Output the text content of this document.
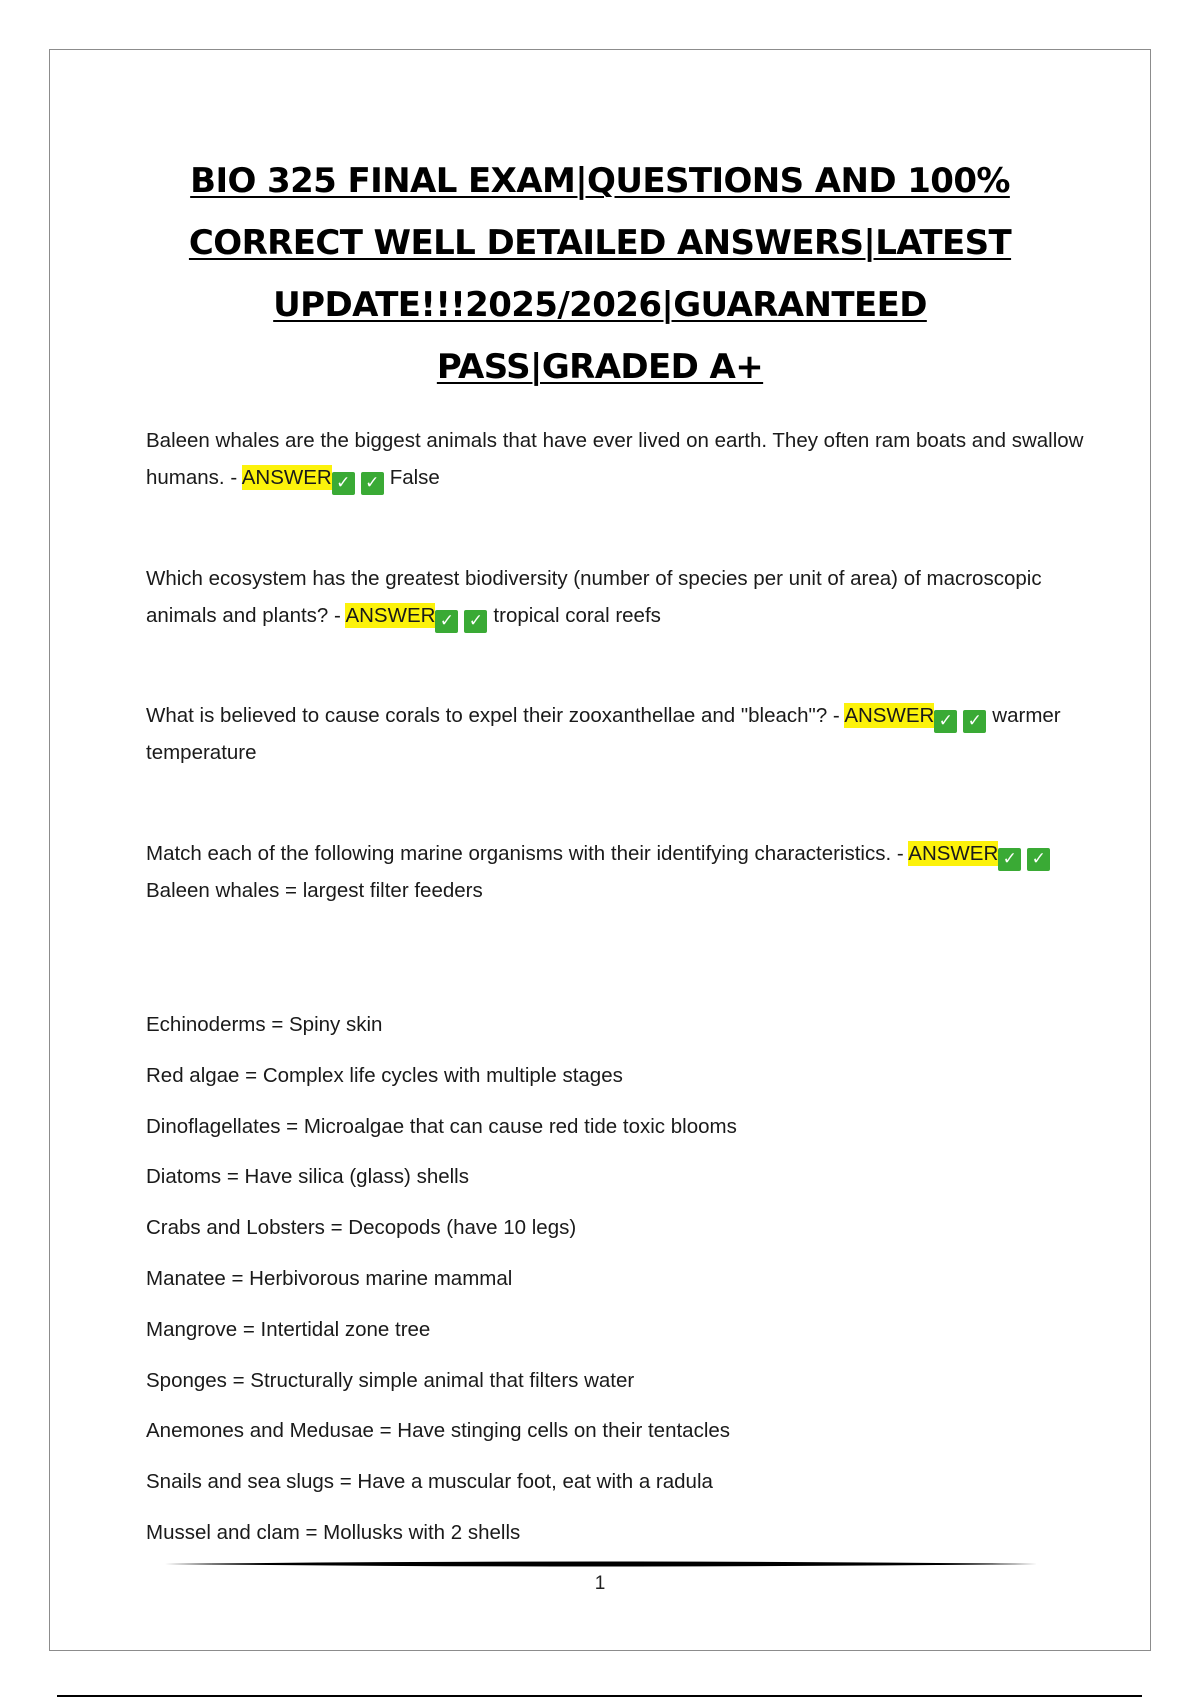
BIO 325 FINAL EXAM|QUESTIONS AND 100%
CORRECT WELL DETAILED ANSWERS|LATEST
UPDATE!!!2025/2026|GUARANTEED
PASS|GRADED A+

Baleen whales are the biggest animals that have ever lived on earth. They often ram boats and swallow humans. - ANSWER ✓ ✓ False

Which ecosystem has the greatest biodiversity (number of species per unit of area) of macroscopic animals and plants? - ANSWER ✓ ✓ tropical coral reefs

What is believed to cause corals to expel their zooxanthellae and "bleach"? - ANSWER ✓ ✓ warmer temperature

Match each of the following marine organisms with their identifying characteristics. - ANSWER ✓ ✓Baleen whales = largest filter feeders

Echinoderms = Spiny skin
Red algae = Complex life cycles with multiple stages
Dinoflagellates = Microalgae that can cause red tide toxic blooms
Diatoms = Have silica (glass) shells
Crabs and Lobsters = Decopods (have 10 legs)
Manatee = Herbivorous marine mammal
Mangrove = Intertidal zone tree
Sponges = Structurally simple animal that filters water
Anemones and Medusae = Have stinging cells on their tentacles
Snails and sea slugs = Have a muscular foot, eat with a radula
Mussel and clam = Mollusks with 2 shells
1
